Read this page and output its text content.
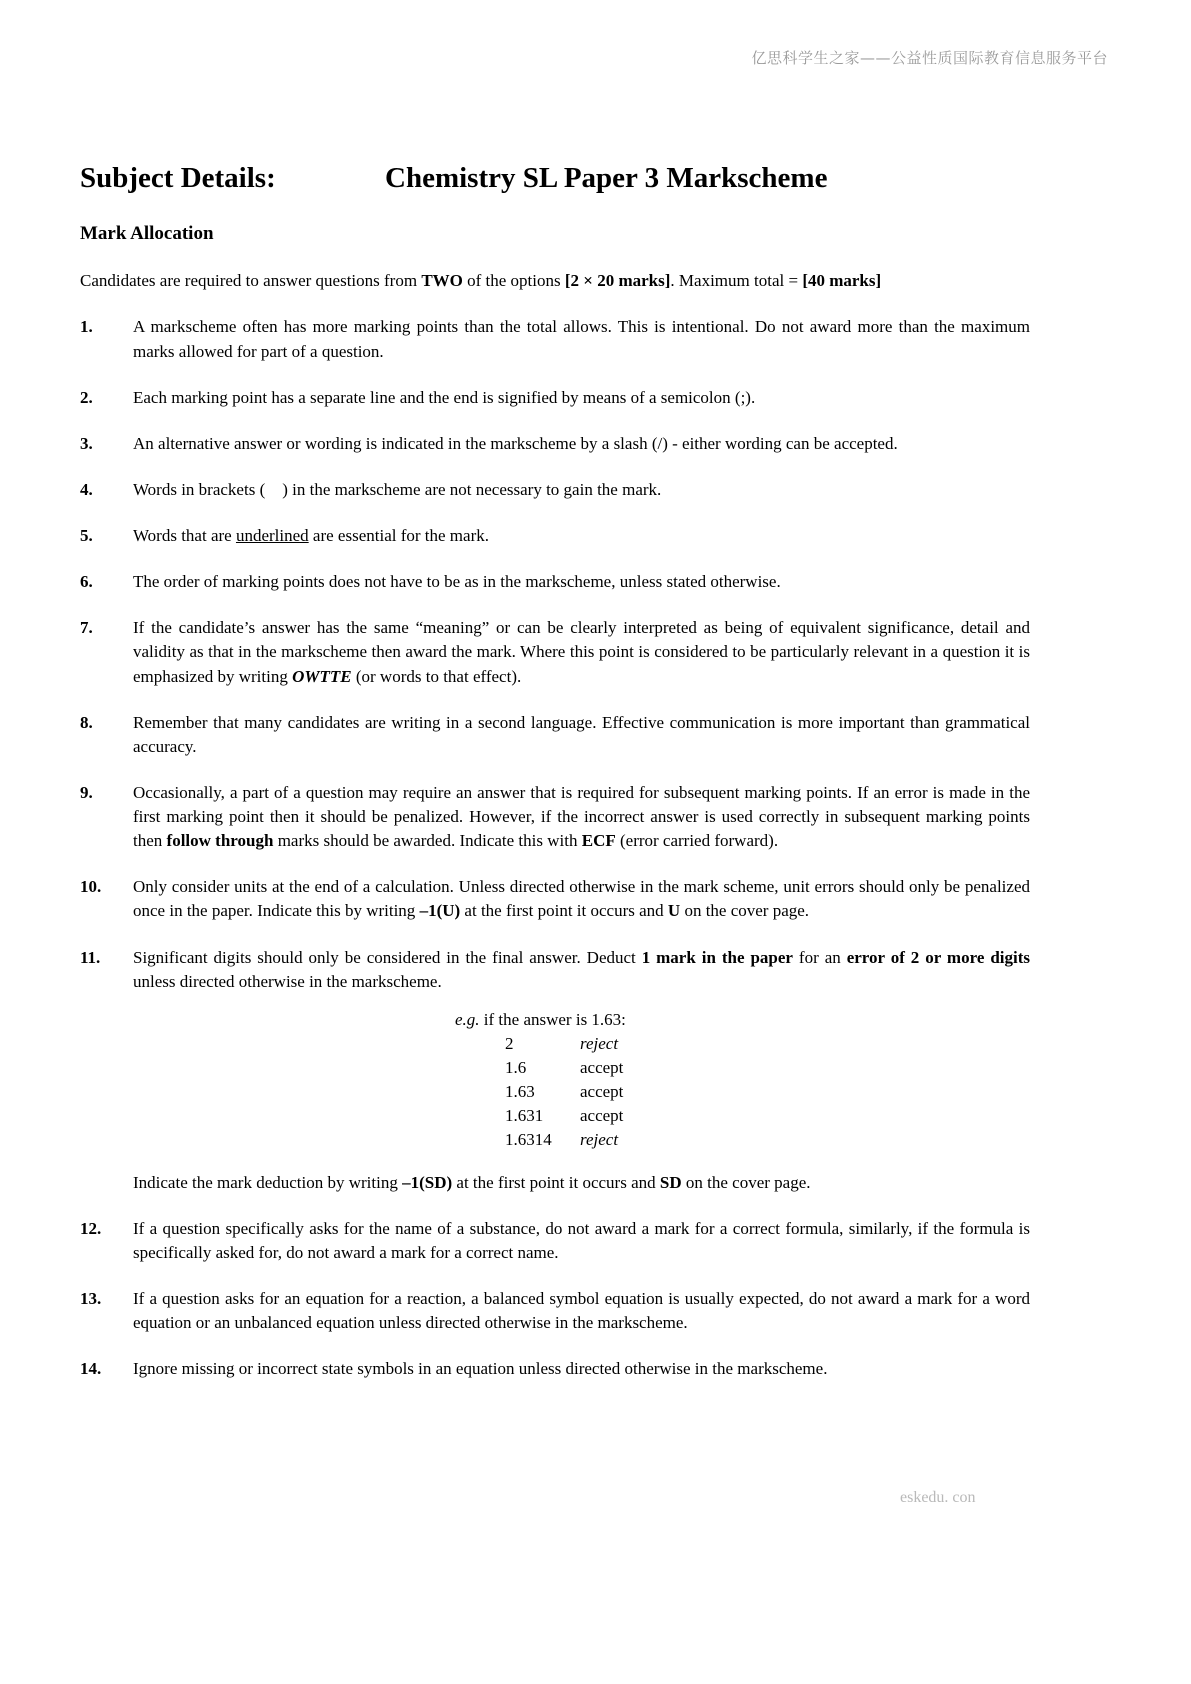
亿思科学生之家——公益性质国际教育信息服务平台
Subject Details:	Chemistry SL Paper 3 Markscheme
Mark Allocation
Candidates are required to answer questions from TWO of the options [2 × 20 marks]. Maximum total = [40 marks]
1.	A markscheme often has more marking points than the total allows. This is intentional. Do not award more than the maximum marks allowed for part of a question.
2.	Each marking point has a separate line and the end is signified by means of a semicolon (;).
3.	An alternative answer or wording is indicated in the markscheme by a slash (/) - either wording can be accepted.
4.	Words in brackets (    ) in the markscheme are not necessary to gain the mark.
5.	Words that are underlined are essential for the mark.
6.	The order of marking points does not have to be as in the markscheme, unless stated otherwise.
7.	If the candidate’s answer has the same “meaning” or can be clearly interpreted as being of equivalent significance, detail and validity as that in the markscheme then award the mark. Where this point is considered to be particularly relevant in a question it is emphasized by writing OWTTE (or words to that effect).
8.	Remember that many candidates are writing in a second language. Effective communication is more important than grammatical accuracy.
9.	Occasionally, a part of a question may require an answer that is required for subsequent marking points. If an error is made in the first marking point then it should be penalized. However, if the incorrect answer is used correctly in subsequent marking points then follow through marks should be awarded. Indicate this with ECF (error carried forward).
10.	Only consider units at the end of a calculation. Unless directed otherwise in the mark scheme, unit errors should only be penalized once in the paper. Indicate this by writing –1(U) at the first point it occurs and U on the cover page.
11.	Significant digits should only be considered in the final answer. Deduct 1 mark in the paper for an error of 2 or more digits unless directed otherwise in the markscheme.
e.g. if the answer is 1.63:
2	reject
1.6	accept
1.63	accept
1.631 accept
1.6314 reject
Indicate the mark deduction by writing –1(SD) at the first point it occurs and SD on the cover page.
12.	If a question specifically asks for the name of a substance, do not award a mark for a correct formula, similarly, if the formula is specifically asked for, do not award a mark for a correct name.
13.	If a question asks for an equation for a reaction, a balanced symbol equation is usually expected, do not award a mark for a word equation or an unbalanced equation unless directed otherwise in the markscheme.
14.	Ignore missing or incorrect state symbols in an equation unless directed otherwise in the markscheme.
eskedu. con
